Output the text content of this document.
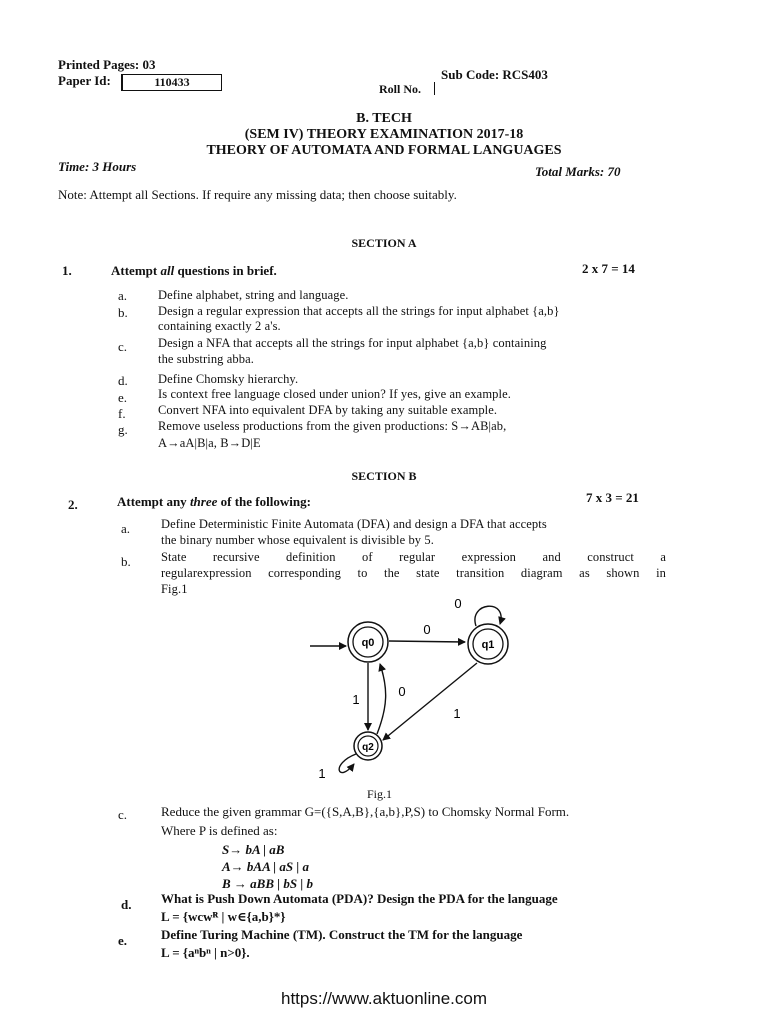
Printed Pages: 03
Paper Id:	110433	Sub Code: RCS403
Roll No.
B. TECH
(SEM IV) THEORY EXAMINATION 2017-18
THEORY OF AUTOMATA AND FORMAL LANGUAGES
Time: 3 Hours	Total Marks: 70
Note: Attempt all Sections. If require any missing data; then choose suitably.
SECTION A
1.	Attempt all questions in brief.	2 x 7 = 14
a. Define alphabet, string and language.
b. Design a regular expression that accepts all the strings for input alphabet {a,b}
containing exactly 2 a's.
c. Design a NFA that accepts all the strings for input alphabet {a,b} containing
the substring abba.
d. Define Chomsky hierarchy.
e. Is context free language closed under union? If yes, give an example.
f.	Convert NFA into equivalent DFA by taking any suitable example.
g. Remove useless productions from the given productions: S→AB|ab,
A→aA|B|a, B→D|E
SECTION B
2.	Attempt any three of the following:	7 x 3 = 21
a. Define Deterministic Finite Automata (DFA) and design a DFA that accepts
the binary number whose equivalent is divisible by 5.
b. State recursive definition of regular expression and construct a
regularexpression corresponding to the state transition diagram as shown in
Fig.1
q0	q1
q2
0
0
1
0
1
1
Fig.1
c.	Reduce the given grammar G=({S,A,B},{a,b},P,S) to Chomsky Normal Form.
Where P is defined as:
S→ bA | aB
A→ bAA | aS | a
B → aBB | bS | b
d. What is Push Down Automata (PDA)? Design the PDA for the language
L = {wcwᴿ | w∈{a,b}*}
e.	Define Turing Machine (TM). Construct the TM for the language
L = {aⁿbⁿ | n>0}.
https://www.aktuonline.com
